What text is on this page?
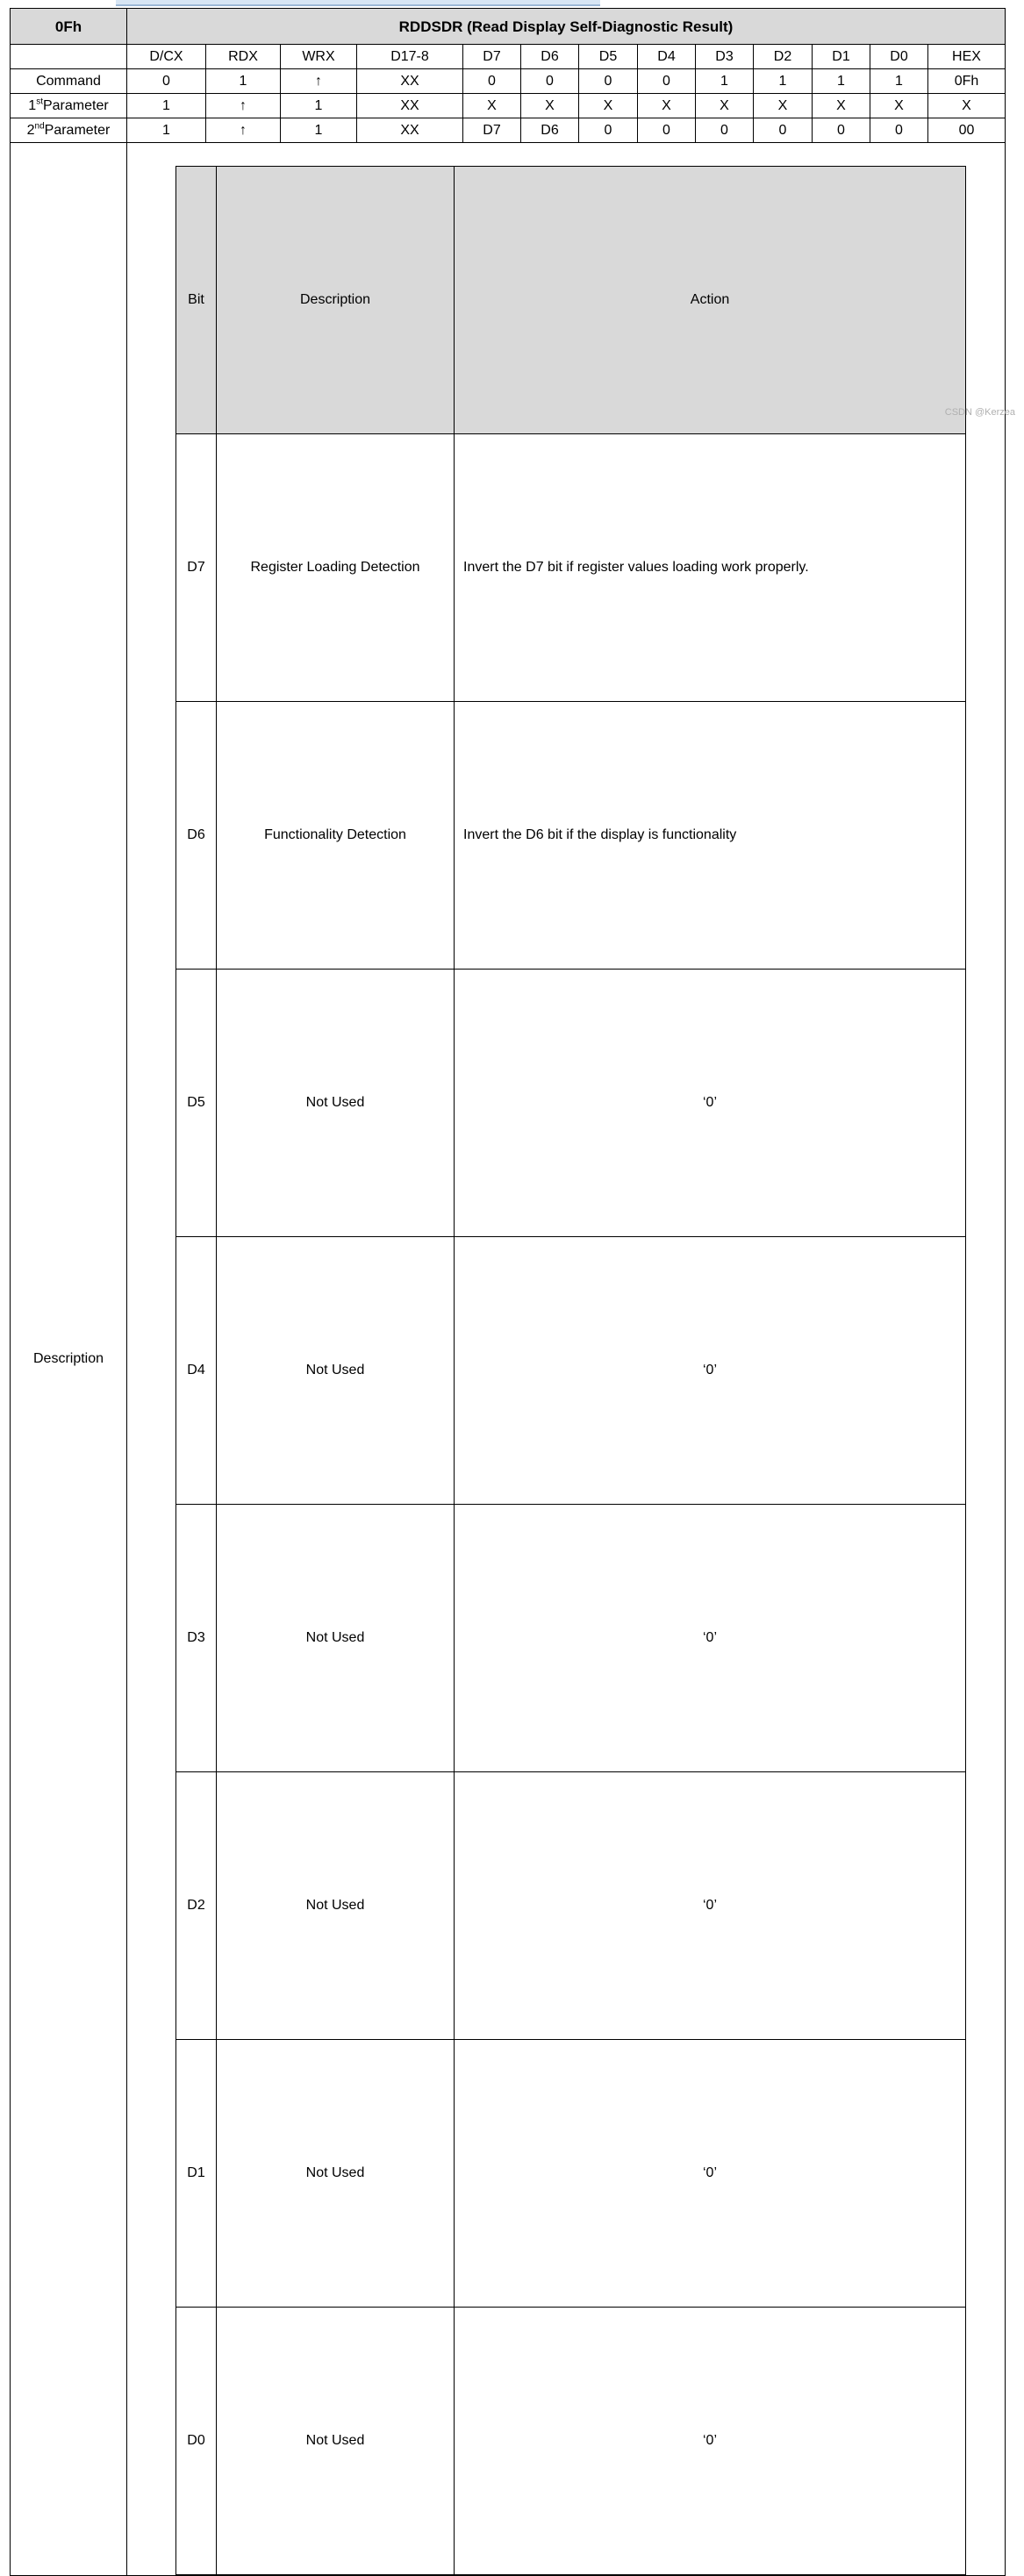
0Fh	RDDSDR (Read Display Self-Diagnostic Result)
	D/CX	RDX	WRX	D17-8	D7	D6	D5	D4	D3	D2	D1	D0	HEX
Command	0	1	↑	XX	0	0	0	0	1	1	1	1	0Fh
1stParameter	1	↑	1	XX	X	X	X	X	X	X	X	X	X
2ndParameter	1	↑	1	XX	D7	D6	0	0	0	0	0	0	00
Description	
Bit	Description	Action
D7	Register Loading Detection	Invert the D7 bit if register values loading work properly.
D6	Functionality Detection	Invert the D6 bit if the display is functionality
D5	Not Used	‘0’
D4	Not Used	‘0’
D3	Not Used	‘0’
D2	Not Used	‘0’
D1	Not Used	‘0’
D0	Not Used	‘0’
CSDN @Kerzea
